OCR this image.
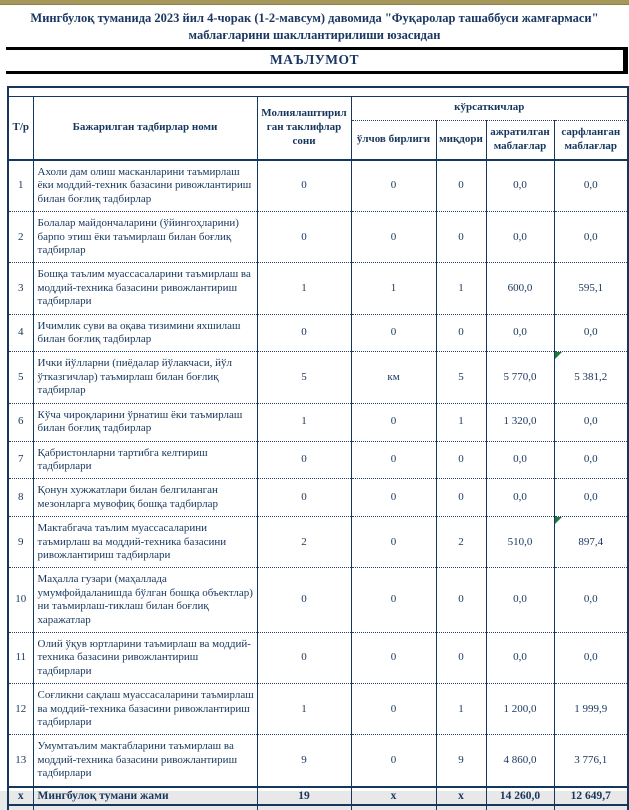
Мингбулоқ туманида 2023 йил 4-чорак (1-2-мавсум) давомида "Фуқаролар ташаббуси жамғармаси" маблағларини шакллантирилиши юзасидан
МАЪЛУМОТ

Т/р	Бажарилган тадбирлар номи	Молиялаштирил ган таклифлар сони	кўрсаткичлар			
			ўлчов бирлиги	миқдори	ажратилган маблағлар	сарфланган маблағлар
1	Ахоли дам олиш масканларини таъмирлаш ёки моддий-техник базасини ривожлантириш билан боғлиқ тадбирлар	0	0	0	0,0	0,0
2	Болалар майдончаларини (ўйингоҳларини) барпо этиш ёки таъмирлаш билан боғлиқ тадбирлар	0	0	0	0,0	0,0
3	Бошқа таълим муассасаларини таъмирлаш ва моддий-техника базасини ривожлантириш тадбирлари	1	1	1	600,0	595,1
4	Ичимлик суви ва оқава тизимини яхшилаш билан боғлиқ тадбирлар	0	0	0	0,0	0,0
5	Ички йўлларни (пиёдалар йўлакчаси, йўл ўтказгичлар) таъмирлаш билан боғлиқ тадбирлар	5	км	5	5 770,0	5 381,2

6	Кўча чироқларини ўрнатиш ёки таъмирлаш билан боғлиқ тадбирлар	1	0	1	1 320,0	0,0
7	Қабристонларни тартибга келтириш тадбирлари	0	0	0	0,0	0,0
8	Қонун хужжатлари билан белгиланган мезонларга мувофиқ бошқа тадбирлар	0	0	0	0,0	0,0
9	Мактабгача таълим муассасаларини таъмирлаш ва моддий-техника базасини ривожлантириш тадбирлари	2	0	2	510,0	897,4

10	Маҳалла гузари (маҳаллада умумфойдаланишда бўлган бошқа объектлар) ни таъмирлаш-тиклаш билан боғлиқ харажатлар	0	0	0	0,0	0,0
11	Олий ўқув юртларини таъмирлаш ва моддий-техника базасини ривожлантириш тадбирлари	0	0	0	0,0	0,0
12	Соғликни сақлаш муассасаларини таъмирлаш ва моддий-техника базасини ривожлантириш тадбирлари	1	0	1	1 200,0	1 999,9
13	Умумтаълим мактабларини таъмирлаш ва моддий-техника базасини ривожлантириш тадбирлари	9	0	9	4 860,0	3 776,1
х	Мингбулоқ тумани жами	19	х	х	14 260,0	12 649,7
